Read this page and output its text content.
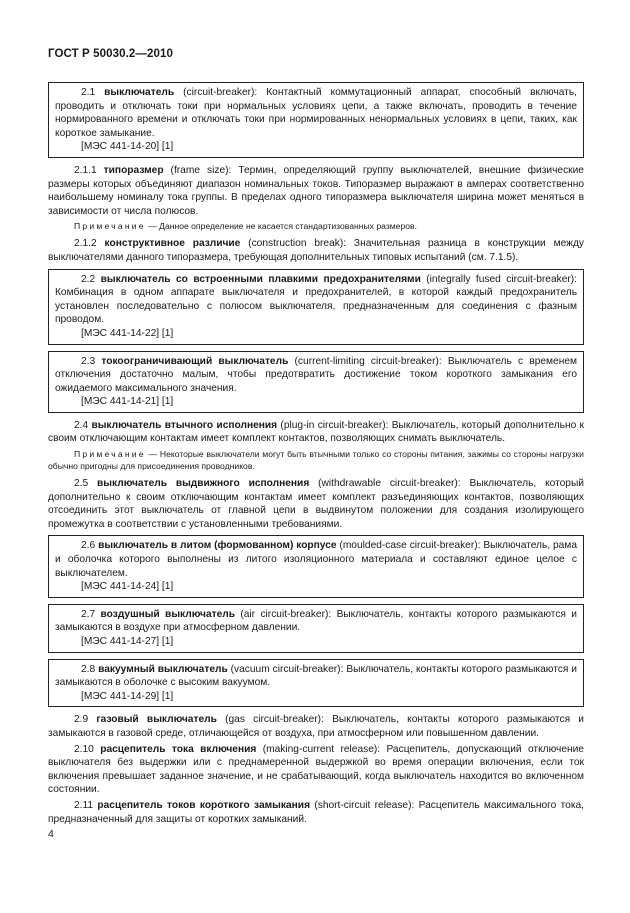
ГОСТ Р 50030.2—2010

2.1 выключатель (circuit-breaker): Контактный коммутационный аппарат, способный включать, проводить и отключать токи при нормальных условиях цепи, а также включать, проводить в течение нормированного времени и отключать токи при нормированных ненормальных условиях в цепи, таких, как короткое замыкание.

[МЭС 441-14-20] [1]

2.1.1 типоразмер (frame size): Термин, определяющий группу выключателей, внешние физические размеры которых объединяют диапазон номинальных токов. Типоразмер выражают в амперах соответственно наибольшему номиналу тока группы. В пределах одного типоразмера выключателя ширина может меняться в зависимости от числа полюсов.

Примечание — Данное определение не касается стандартизованных размеров.

2.1.2 конструктивное различие (construction break): Значительная разница в конструкции между выключателями данного типоразмера, требующая дополнительных типовых испытаний (см. 7.1.5).

2.2 выключатель со встроенными плавкими предохранителями (integrally fused circuit-breaker): Комбинация в одном аппарате выключателя и предохранителей, в которой каждый предохранитель установлен последовательно с полюсом выключателя, предназначенным для соединения с фазным проводом.

[МЭС 441-14-22] [1]

2.3 токоограничивающий выключатель (current-limiting circuit-breaker): Выключатель с временем отключения достаточно малым, чтобы предотвратить достижение током короткого замыкания его ожидаемого максимального значения.

[МЭС 441-14-21] [1]

2.4 выключатель втычного исполнения (plug-in circuit-breaker): Выключатель, который дополнительно к своим отключающим контактам имеет комплект контактов, позволяющих снимать выключатель.

Примечание — Некоторые выключатели могут быть втычными только со стороны питания, зажимы со стороны нагрузки обычно пригодны для присоединения проводников.

2.5 выключатель выдвижного исполнения (withdrawable circuit-breaker): Выключатель, который дополнительно к своим отключающим контактам имеет комплект разъединяющих контактов, позволяющих отсоединить этот выключатель от главной цепи в выдвинутом положении для создания изолирующего промежутка в соответствии с установленными требованиями.

2.6 выключатель в литом (формованном) корпусе (moulded-case circuit-breaker): Выключатель, рама и оболочка которого выполнены из литого изоляционного материала и составляют единое целое с выключателем.

[МЭС 441-14-24] [1]

2.7 воздушный выключатель (air circuit-breaker): Выключатель, контакты которого размыкаются и замыкаются в воздухе при атмосферном давлении.

[МЭС 441-14-27] [1]

2.8 вакуумный выключатель (vacuum circuit-breaker): Выключатель, контакты которого размыкаются и замыкаются в оболочке с высоким вакуумом.

[МЭС 441-14-29] [1]

2.9 газовый выключатель (gas circuit-breaker): Выключатель, контакты которого размыкаются и замыкаются в газовой среде, отличающейся от воздуха, при атмосферном или повышенном давлении.

2.10 расцепитель тока включения (making-current release): Расцепитель, допускающий отключение выключателя без выдержки или с преднамеренной выдержкой во время операции включения, если ток включения превышает заданное значение, и не срабатывающий, когда выключатель находится во включенном состоянии.

2.11 расцепитель токов короткого замыкания (short-circuit release): Расцепитель максимального тока, предназначенный для защиты от коротких замыканий.

4
